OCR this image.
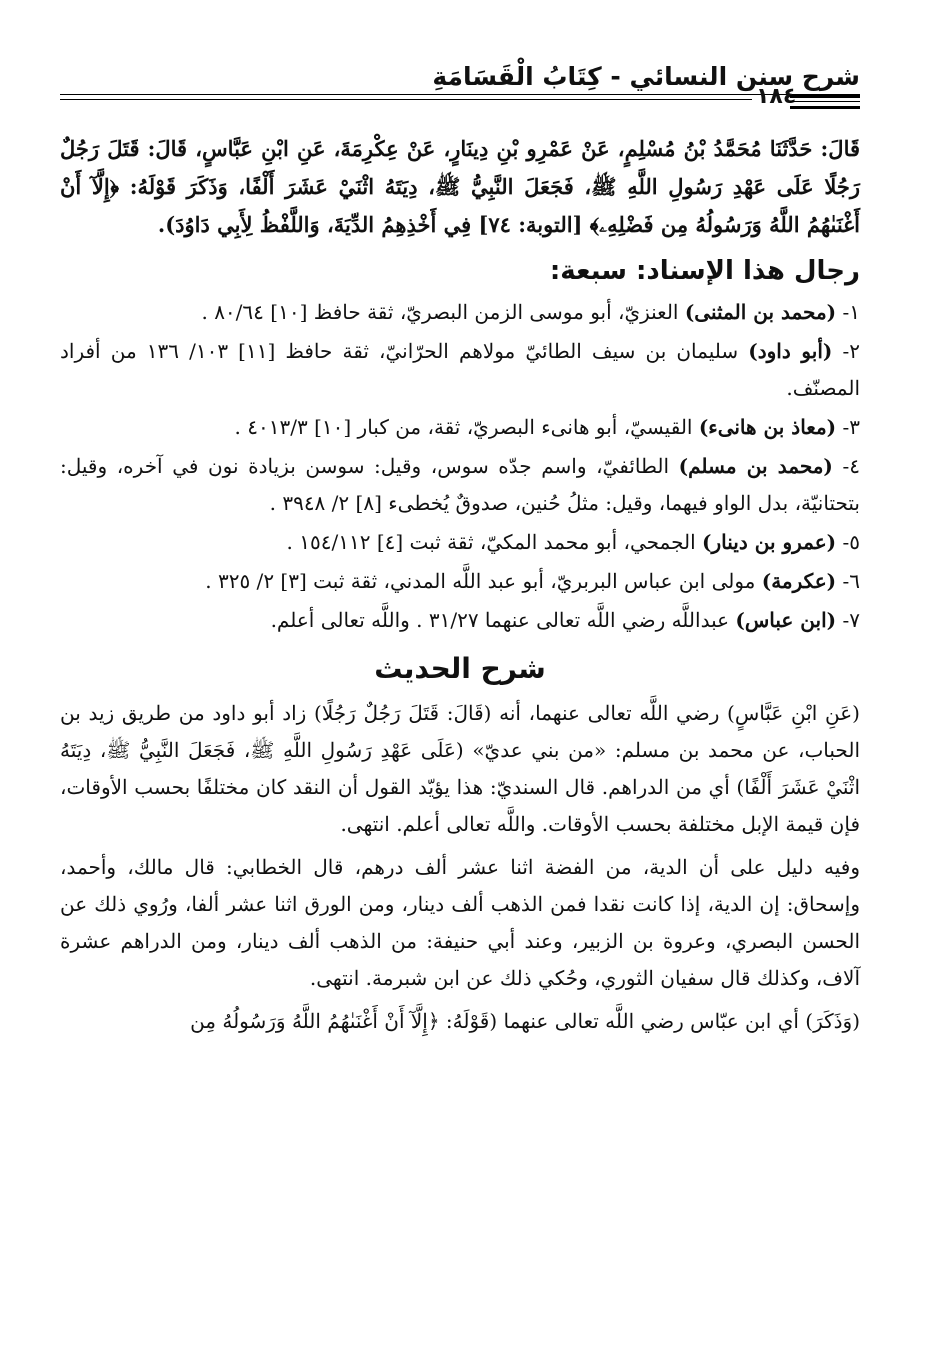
شرح سنن النسائي - كِتَابُ الْقَسَامَةِ
١٨٤

قَالَ: حَدَّثَنَا مُحَمَّدُ بْنُ مُسْلِمٍ، عَنْ عَمْرِو بْنِ دِينَارٍ، عَنْ عِكْرِمَةَ، عَنِ ابْنِ عَبَّاسٍ، قَالَ: قَتَلَ رَجُلٌ رَجُلًا عَلَى عَهْدِ رَسُولِ اللَّهِ ﷺ، فَجَعَلَ النَّبِيُّ ﷺ، دِيَتَهُ اثْنَيْ عَشَرَ أَلْفًا، وَذَكَرَ قَوْلَهُ: ﴿إِلَّآ أَنْ أَغْنَىٰهُمُ اللَّهُ وَرَسُولُهُ مِن فَضْلِهِۦ﴾ [التوبة: ٧٤] فِي أَخْذِهِمُ الدِّيَةَ، وَاللَّفْظُ لِأَبِي دَاوُدَ).

رجال هذا الإسناد: سبعة:

١- (محمد بن المثنى) العنزيّ، أبو موسى الزمن البصريّ، ثقة حافظ [١٠] ٨٠/٦٤ .

٢- (أبو داود) سليمان بن سيف الطائيّ مولاهم الحرّانيّ، ثقة حافظ [١١] ١٠٣/ ١٣٦ من أفراد المصنّف.

٣- (معاذ بن هانىء) القيسيّ، أبو هانىء البصريّ، ثقة، من كبار [١٠] ٤٠١٣/٣ .

٤- (محمد بن مسلم) الطائفيّ، واسم جدّه سوس، وقيل: سوسن بزيادة نون في آخره، وقيل: بتحتانيّة، بدل الواو فيهما، وقيل: مثلُ حُنين، صدوقٌ يُخطىء [٨] ٢/ ٣٩٤٨ .

٥- (عمرو بن دينار) الجمحي، أبو محمد المكيّ، ثقة ثبت [٤] ١٥٤/١١٢ .

٦- (عكرمة) مولى ابن عباس البربريّ، أبو عبد اللَّه المدني، ثقة ثبت [٣] ٢/ ٣٢٥ .

٧- (ابن عباس) عبداللَّه رضي اللَّه تعالى عنهما ٣١/٢٧ . واللَّه تعالى أعلم.

شرح الحديث

(عَنِ ابْنِ عَبَّاسٍ) رضي اللَّه تعالى عنهما، أنه (قَالَ: قَتَلَ رَجُلٌ رَجُلًا) زاد أبو داود من طريق زيد بن الحباب، عن محمد بن مسلم: «من بني عديّ» (عَلَى عَهْدِ رَسُولِ اللَّهِ ﷺ، فَجَعَلَ النَّبِيُّ ﷺ، دِيَتَهُ اثْنَيْ عَشَرَ أَلْفًا) أي من الدراهم. قال السنديّ: هذا يؤيّد القول أن النقد كان مختلفًا بحسب الأوقات، فإن قيمة الإبل مختلفة بحسب الأوقات. واللَّه تعالى أعلم. انتهى.

وفيه دليل على أن الدية، من الفضة اثنا عشر ألف درهم، قال الخطابي: قال مالك، وأحمد، وإسحاق: إن الدية، إذا كانت نقدا فمن الذهب ألف دينار، ومن الورق اثنا عشر ألفا، ورُوي ذلك عن الحسن البصري، وعروة بن الزبير، وعند أبي حنيفة: من الذهب ألف دينار، ومن الدراهم عشرة آلاف، وكذلك قال سفيان الثوري، وحُكي ذلك عن ابن شبرمة. انتهى.

(وَذَكَرَ) أي ابن عبّاس رضي اللَّه تعالى عنهما (قَوْلَهُ: ﴿إِلَّآ أَنْ أَغْنَىٰهُمُ اللَّهُ وَرَسُولُهُ مِن
